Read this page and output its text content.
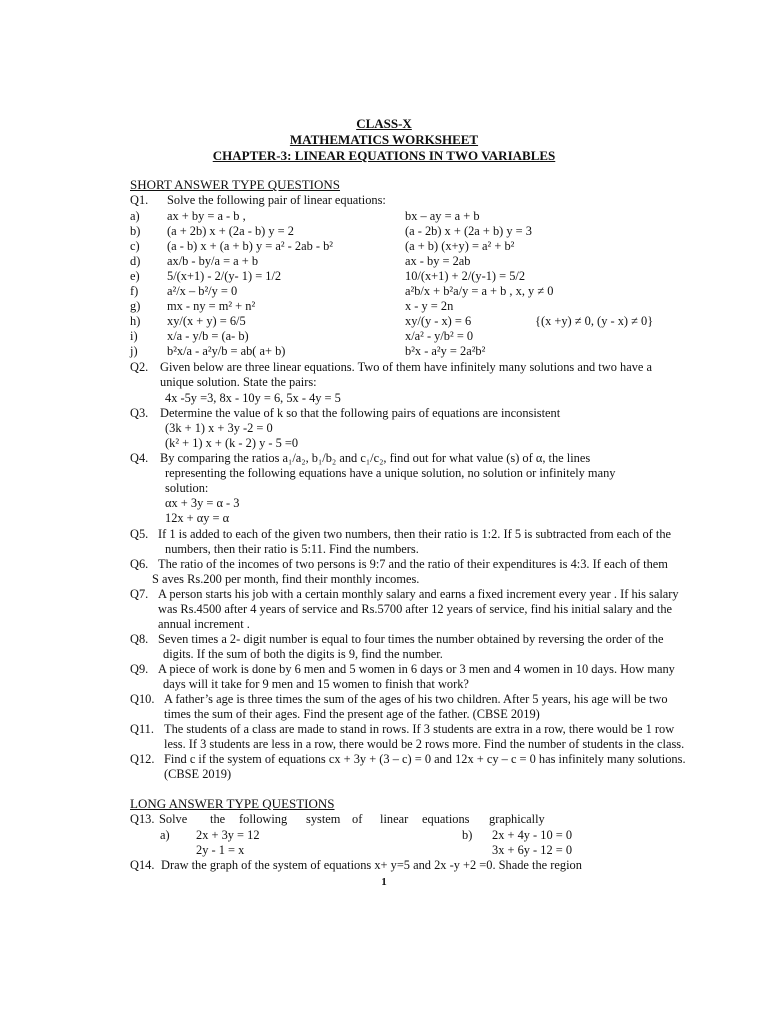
CLASS-X
MATHEMATICS WORKSHEET
CHAPTER-3: LINEAR EQUATIONS IN TWO VARIABLES
SHORT ANSWER TYPE QUESTIONS
Q1. Solve the following pair of linear equations:
a) ax + by = a - b ,	bx – ay = a + b
b) (a + 2b) x + (2a - b) y = 2	(a - 2b) x + (2a + b) y = 3
c) (a - b) x + (a + b) y = a² - 2ab - b²	(a + b) (x+y) = a² + b²
d) ax/b - by/a = a + b	ax - by = 2ab
e) 5/(x+1) - 2/(y- 1) = 1/2	10/(x+1) + 2/(y-1) = 5/2
f) a²/x – b²/y = 0	a²b/x + b²a/y = a + b , x, y ≠ 0
g) mx - ny = m² + n²	x - y = 2n
h) xy/(x + y) = 6/5	xy/(y - x) = 6	{(x +y) ≠ 0, (y - x) ≠ 0}
i) x/a - y/b = (a- b)	x/a² - y/b² = 0
j) b²x/a - a²y/b = ab( a+ b)	b²x - a²y = 2a²b²
Q2. Given below are three linear equations. Two of them have infinitely many solutions and two have a
unique solution. State the pairs:
4x -5y =3, 8x - 10y = 6, 5x - 4y = 5
Q3. Determine the value of k so that the following pairs of equations are inconsistent
(3k + 1) x + 3y -2 = 0
(k² + 1) x + (k - 2) y - 5 =0
Q4. By comparing the ratios a₁/a₂, b₁/b₂ and c₁/c₂, find out for what value (s) of α, the lines
representing the following equations have a unique solution, no solution or infinitely many
solution:
αx + 3y = α - 3
12x + αy = α
Q5. If 1 is added to each of the given two numbers, then their ratio is 1:2. If 5 is subtracted from each of the
numbers, then their ratio is 5:11. Find the numbers.
Q6. The ratio of the incomes of two persons is 9:7 and the ratio of their expenditures is 4:3. If each of them
S aves Rs.200 per month, find their monthly incomes.
Q7. A person starts his job with a certain monthly salary and earns a fixed increment every year . If his salary
was Rs.4500 after 4 years of service and Rs.5700 after 12 years of service, find his initial salary and the
annual increment .
Q8. Seven times a 2- digit number is equal to four times the number obtained by reversing the order of the
digits. If the sum of both the digits is 9, find the number.
Q9. A piece of work is done by 6 men and 5 women in 6 days or 3 men and 4 women in 10 days. How many
days will it take for 9 men and 15 women to finish that work?
Q10. A father’s age is three times the sum of the ages of his two children. After 5 years, his age will be two
times the sum of their ages. Find the present age of the father. (CBSE 2019)
Q11. The students of a class are made to stand in rows. If 3 students are extra in a row, there would be 1 row
less. If 3 students are less in a row, there would be 2 rows more. Find the number of students in the class.
Q12. Find c if the system of equations cx + 3y + (3 – c) = 0 and 12x + cy – c = 0 has infinitely many solutions.
(CBSE 2019)
LONG ANSWER TYPE QUESTIONS
Q13. Solve the following system of linear equations graphically
a) 2x + 3y = 12
2y - 1 = x
b) 2x + 4y - 10 = 0
3x + 6y - 12 = 0
Q14. Draw the graph of the system of equations x+ y=5 and 2x -y +2 =0. Shade the region
1
